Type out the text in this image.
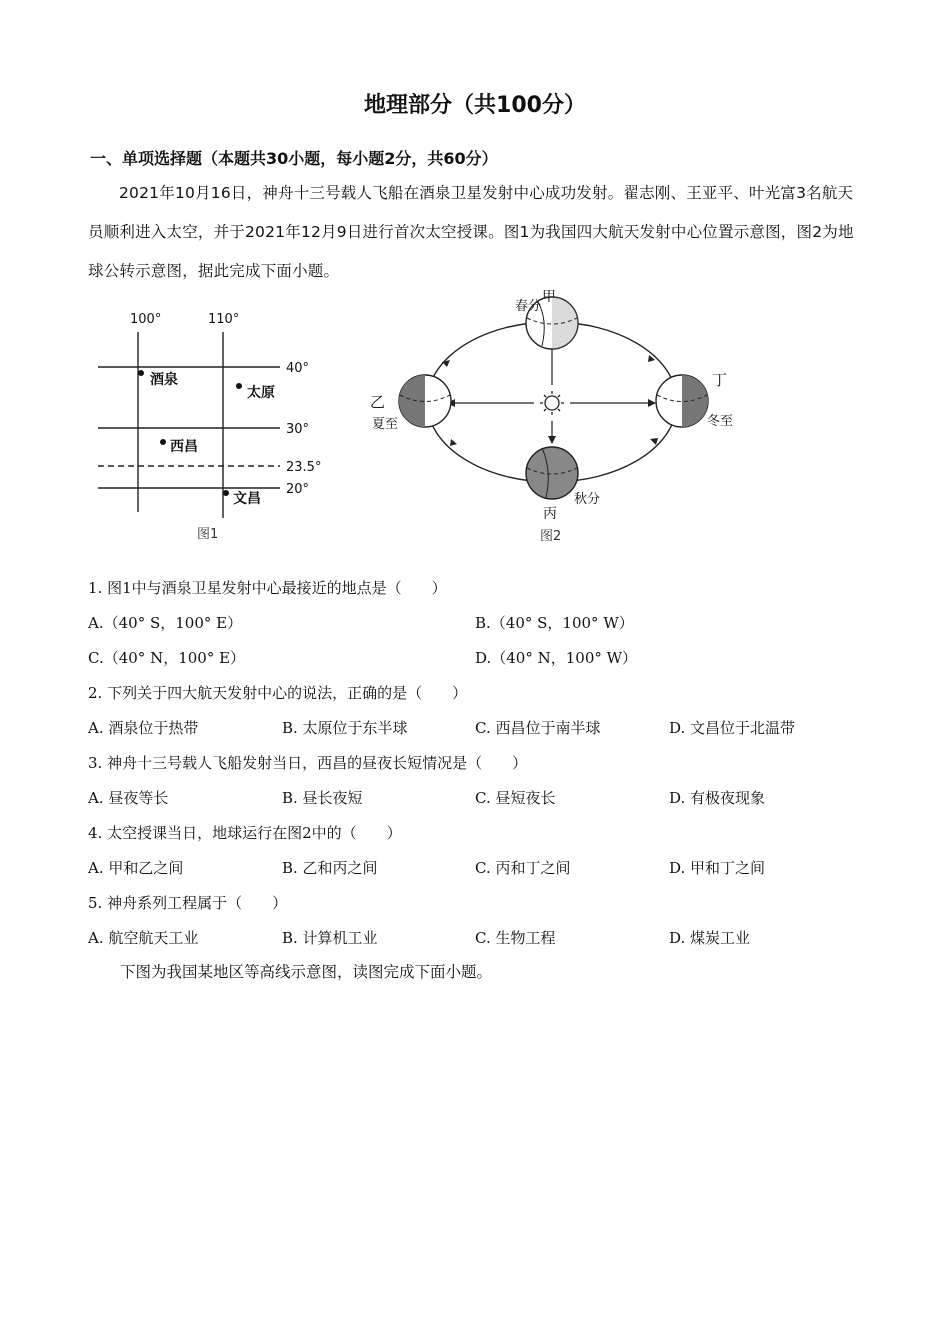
地理部分（共100分）
一、单项选择题（本题共30小题，每小题2分，共60分）

2021年10月16日，神舟十三号载人飞船在酒泉卫星发射中心成功发射。翟志刚、王亚平、叶光富3名航天员顺利进入太空，并于2021年12月9日进行首次太空授课。图1为我国四大航天发射中心位置示意图，图2为地球公转示意图，据此完成下面小题。

100°	110°
40°
30°
23.5°
20°
酒泉
太原
西昌
文昌
图1
春分
甲
乙
夏至
秋分
丙
丁
冬至
图2
1. 图1中与酒泉卫星发射中心最接近的地点是（　　）
A.（40° S，100° E）	B.（40° S，100° W）
C.（40° N，100° E）	D.（40° N，100° W）
2. 下列关于四大航天发射中心的说法，正确的是（　　）
A. 酒泉位于热带	B. 太原位于东半球	C. 西昌位于南半球	D. 文昌位于北温带
3. 神舟十三号载人飞船发射当日，西昌的昼夜长短情况是（　　）
A. 昼夜等长	B. 昼长夜短	C. 昼短夜长	D. 有极夜现象
4. 太空授课当日，地球运行在图2中的（　　）
A. 甲和乙之间	B. 乙和丙之间	C. 丙和丁之间	D. 甲和丁之间
5. 神舟系列工程属于（　　）
A. 航空航天工业	B. 计算机工业	C. 生物工程	D. 煤炭工业
下图为我国某地区等高线示意图，读图完成下面小题。
